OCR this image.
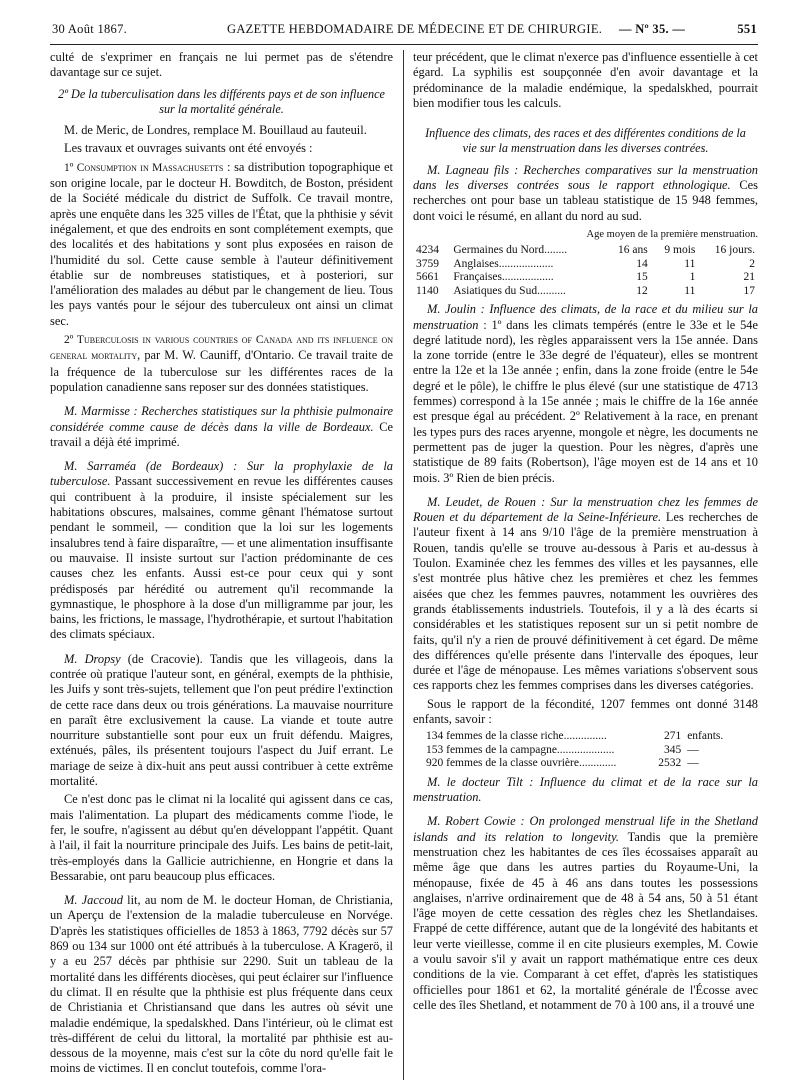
30 Août 1867.	GAZETTE HEBDOMADAIRE DE MÉDECINE ET DE CHIRURGIE. — Nº 35. —	551

culté de s'exprimer en français ne lui permet pas de s'étendre davantage sur ce sujet.

2º De la tuberculisation dans les différents pays et de son influence sur la mortalité générale.

M. de Meric, de Londres, remplace M. Bouillaud au fauteuil.

Les travaux et ouvrages suivants ont été envoyés :

1º Consumption in Massachusetts : sa distribution topographique et son origine locale, par le docteur H. Bowditch, de Boston, président de la Société médicale du district de Suffolk. Ce travail montre, après une enquête dans les 325 villes de l'État, que la phthisie y sévit inégalement, et que des endroits en sont complétement exempts, que des localités et des habitations y sont plus exposées en raison de l'humidité du sol. Cette cause semble à l'auteur définitivement établie sur de nombreuses statistiques, et à posteriori, sur l'amélioration des malades au début par le changement de lieu. Tous les pays vantés pour le séjour des tuberculeux ont ainsi un climat sec.

2º Tuberculosis in various countries of Canada and its influence on general mortality, par M. W. Cauniff, d'Ontario. Ce travail traite de la fréquence de la tuberculose sur les différentes races de la population canadienne sans reposer sur des données statistiques.

M. Marmisse : Recherches statistiques sur la phthisie pulmonaire considérée comme cause de décès dans la ville de Bordeaux. Ce travail a déjà été imprimé.

M. Sarraméa (de Bordeaux) : Sur la prophylaxie de la tuberculose. Passant successivement en revue les différentes causes qui contribuent à la produire, il insiste spécialement sur les habitations obscures, malsaines, comme gênant l'hématose surtout pendant le sommeil, — condition que la loi sur les logements insalubres tend à faire disparaître, — et une alimentation insuffisante ou mauvaise. Il insiste surtout sur l'action prédominante de ces causes chez les enfants. Aussi est-ce pour ceux qui y sont prédisposés par hérédité ou autrement qu'il recommande la gymnastique, le phosphore à la dose d'un milligramme par jour, les bains, les frictions, le massage, l'hydrothérapie, et surtout l'habitation des climats spéciaux.

M. Dropsy (de Cracovie). Tandis que les villageois, dans la contrée où pratique l'auteur sont, en général, exempts de la phthisie, les Juifs y sont très-sujets, tellement que l'on peut prédire l'extinction de cette race dans deux ou trois générations. La mauvaise nourriture en paraît être exclusivement la cause. La viande et toute autre nourriture substantielle sont pour eux un fruit défendu. Maigres, exténués, pâles, ils présentent toujours l'aspect du Juif errant. Le mariage de seize à dix-huit ans peut aussi contribuer à cette extrême mortalité.

Ce n'est donc pas le climat ni la localité qui agissent dans ce cas, mais l'alimentation. La plupart des médicaments comme l'iode, le fer, le soufre, n'agissent au début qu'en développant l'appétit. Quant à l'ail, il fait la nourriture principale des Juifs. Les bains de petit-lait, très-employés dans la Gallicie autrichienne, en Hongrie et dans la Bessarabie, ont paru beaucoup plus efficaces.

M. Jaccoud lit, au nom de M. le docteur Homan, de Christiania, un Aperçu de l'extension de la maladie tuberculeuse en Norvége. D'après les statistiques officielles de 1853 à 1863, 7792 décès sur 57 869 ou 134 sur 1000 ont été attribués à la tuberculose. A Kragerö, il y a eu 257 décès par phthisie sur 2290. Suit un tableau de la mortalité dans les différents diocèses, qui peut éclairer sur l'influence du climat. Il en résulte que la phthisie est plus fréquente dans ceux de Christiania et Christiansand que dans les autres où sévit une maladie endémique, la spedalskhed. Dans l'intérieur, où le climat est très-différent de celui du littoral, la mortalité par phthisie est au-dessous de la moyenne, mais c'est sur la côte du nord qu'elle fait le moins de victimes. Il en conclut toutefois, comme l'ora-

teur précédent, que le climat n'exerce pas d'influence essentielle à cet égard. La syphilis est soupçonnée d'en avoir davantage et la prédominance de la maladie endémique, la spedalskhed, pourrait bien modifier tous les calculs.

Influence des climats, des races et des différentes conditions de la vie sur la menstruation dans les diverses contrées.

M. Lagneau fils : Recherches comparatives sur la menstruation dans les diverses contrées sous le rapport ethnologique. Ces recherches ont pour base un tableau statistique de 15 948 femmes, dont voici le résumé, en allant du nord au sud.

Age moyen de la première menstruation.
4234	Germaines du Nord........	16 ans	9 mois	16 jours.
3759	Anglaises...................	14	11	2
5661	Françaises..................	15	1	21
1140	Asiatiques du Sud..........	12	11	17

M. Joulin : Influence des climats, de la race et du milieu sur la menstruation : 1º dans les climats tempérés (entre le 33e et le 54e degré latitude nord), les règles apparaissent vers la 15e année. Dans la zone torride (entre le 33e degré de l'équateur), elles se montrent entre la 12e et la 13e année ; enfin, dans la zone froide (entre le 54e degré et le pôle), le chiffre le plus élevé (sur une statistique de 4713 femmes) correspond à la 15e année ; mais le chiffre de la 16e année est presque égal au précédent. 2º Relativement à la race, en prenant les types purs des races aryenne, mongole et nègre, les documents ne permettent pas de juger la question. Pour les nègres, d'après une statistique de 89 faits (Robertson), l'âge moyen est de 14 ans et 10 mois. 3º Rien de bien précis.

M. Leudet, de Rouen : Sur la menstruation chez les femmes de Rouen et du département de la Seine-Inférieure. Les recherches de l'auteur fixent à 14 ans 9/10 l'âge de la première menstruation à Rouen, tandis qu'elle se trouve au-dessous à Paris et au-dessus à Toulon. Examinée chez les femmes des villes et les paysannes, elle s'est montrée plus hâtive chez les premières et chez les femmes aisées que chez les femmes pauvres, notamment les ouvrières des grands établissements industriels. Toutefois, il y a là des écarts si considérables et les statistiques reposent sur un si petit nombre de faits, qu'il n'y a rien de prouvé définitivement à cet égard. De même des différences qu'elle présente dans l'intervalle des époques, leur durée et l'âge de ménopause. Les mêmes variations s'observent sous ces rapports chez les femmes comprises dans les diverses catégories.

Sous le rapport de la fécondité, 1207 femmes ont donné 3148 enfants, savoir :

134 femmes de la classe riche...............	271	enfants.
153 femmes de la campagne....................	345	—
920 femmes de la classe ouvrière.............	2532	—

M. le docteur Tilt : Influence du climat et de la race sur la menstruation.

M. Robert Cowie : On prolonged menstrual life in the Shetland islands and its relation to longevity. Tandis que la première menstruation chez les habitantes de ces îles écossaises apparaît au même âge que dans les autres parties du Royaume-Uni, la ménopause, fixée de 45 à 46 ans dans toutes les possessions anglaises, n'arrive ordinairement que de 48 à 54 ans, 50 à 51 étant l'âge moyen de cette cessation des règles chez les Shetlandaises. Frappé de cette différence, autant que de la longévité des habitants et leur verte vieillesse, comme il en cite plusieurs exemples, M. Cowie a voulu savoir s'il y avait un rapport mathématique entre ces deux conditions de la vie. Comparant à cet effet, d'après les statistiques officielles pour 1861 et 62, la mortalité générale de l'Écosse avec celle des îles Shetland, et notamment de 70 à 100 ans, il a trouvé une
